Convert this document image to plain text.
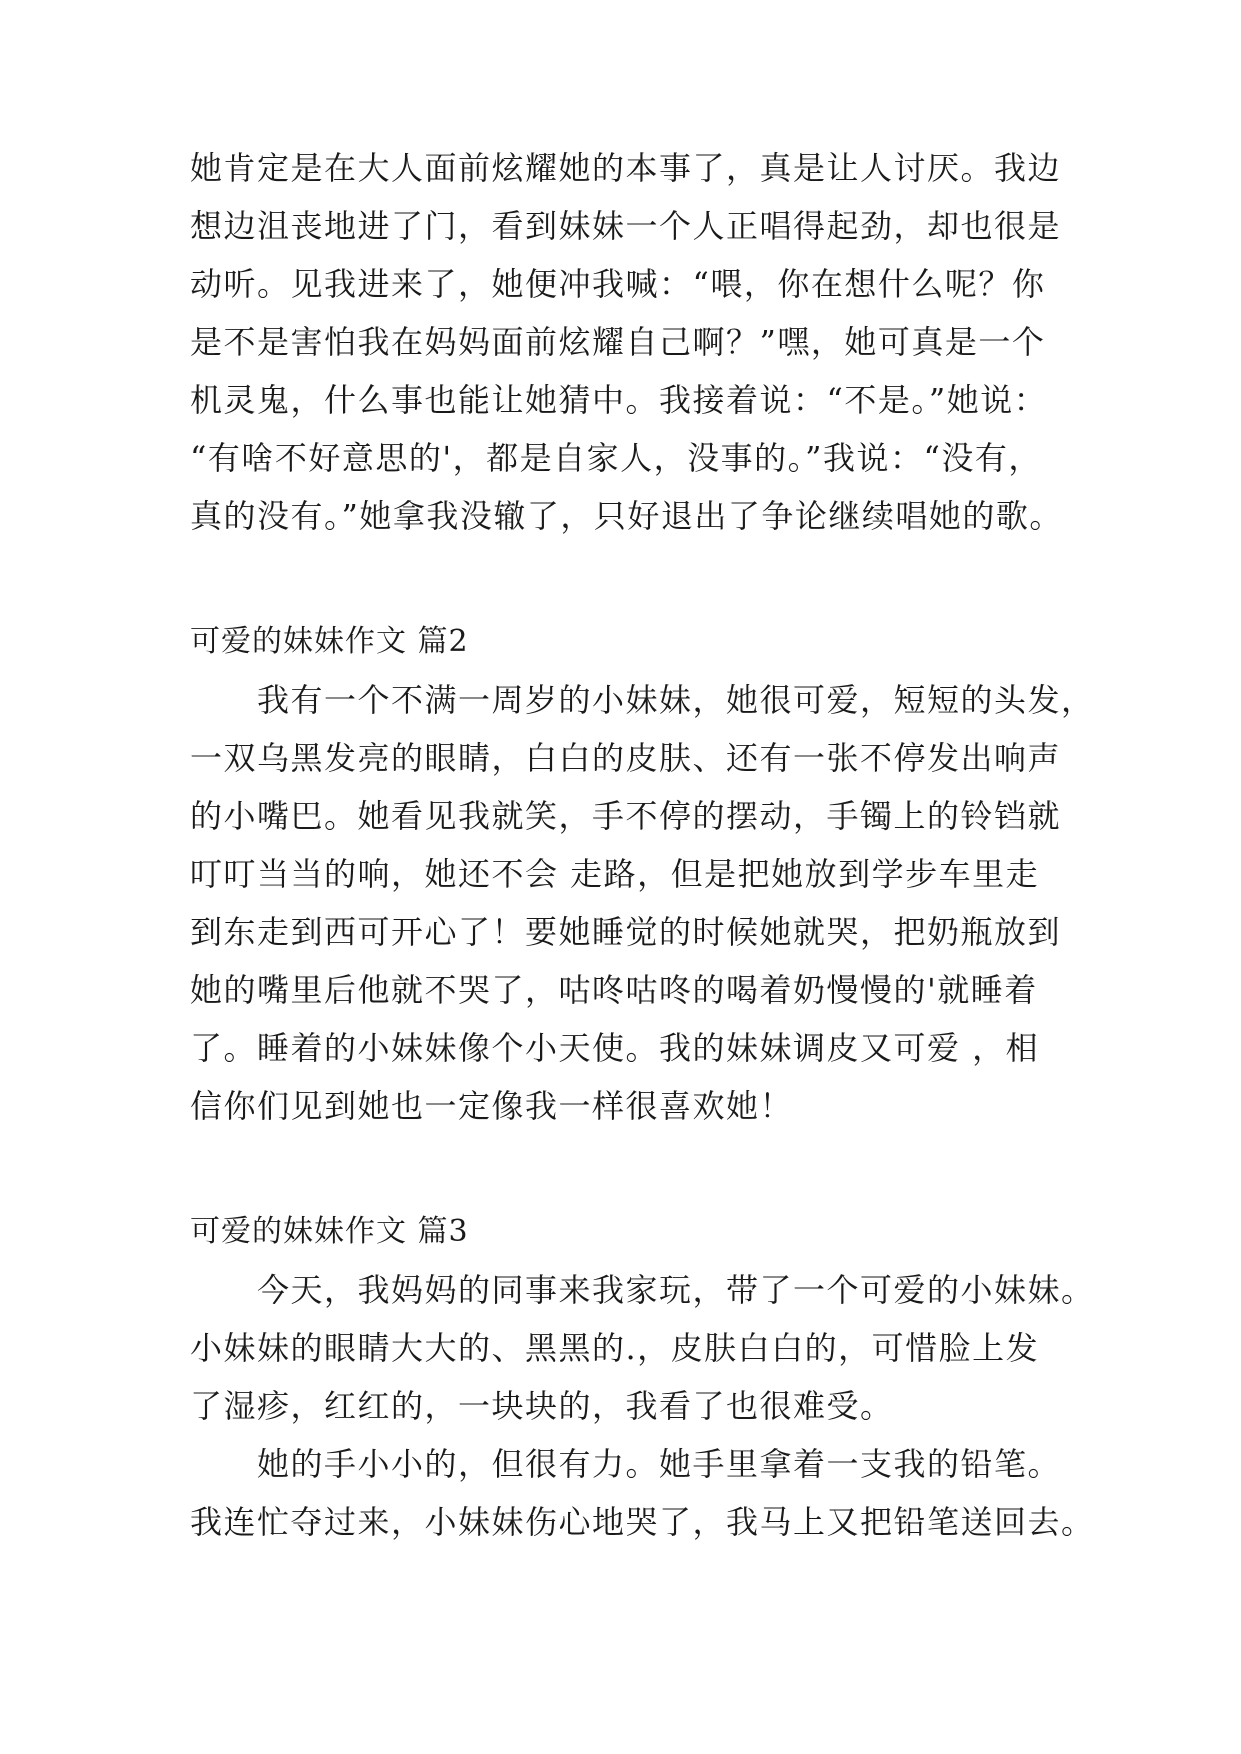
她肯定是在大人面前炫耀她的本事了，真是让人讨厌。我边
想边沮丧地进了门，看到妹妹一个人正唱得起劲，却也很是
动听。见我进来了，她便冲我喊：“喂，你在想什么呢？你
是不是害怕我在妈妈面前炫耀自己啊？”嘿，她可真是一个
机灵鬼，什么事也能让她猜中。我接着说：“不是。”她说：
“有啥不好意思的'，都是自家人，没事的。”我说：“没有，
真的没有。”她拿我没辙了，只好退出了争论继续唱她的歌。
可爱的妹妹作文 篇2
　　我有一个不满一周岁的小妹妹，她很可爱，短短的头发，
一双乌黑发亮的眼睛，白白的皮肤、还有一张不停发出响声
的小嘴巴。她看见我就笑，手不停的摆动，手镯上的铃铛就
叮叮当当的响，她还不会 走路，但是把她放到学步车里走
到东走到西可开心了！要她睡觉的时候她就哭，把奶瓶放到
她的嘴里后他就不哭了，咕咚咕咚的喝着奶慢慢的'就睡着
了。睡着的小妹妹像个小天使。我的妹妹调皮又可爱 ，相
信你们见到她也一定像我一样很喜欢她！
可爱的妹妹作文 篇3
　　今天，我妈妈的同事来我家玩，带了一个可爱的小妹妹。
小妹妹的眼睛大大的、黑黑的.，皮肤白白的，可惜脸上发
了湿疹，红红的，一块块的，我看了也很难受。
　　她的手小小的，但很有力。她手里拿着一支我的铅笔。
我连忙夺过来，小妹妹伤心地哭了，我马上又把铅笔送回去。
